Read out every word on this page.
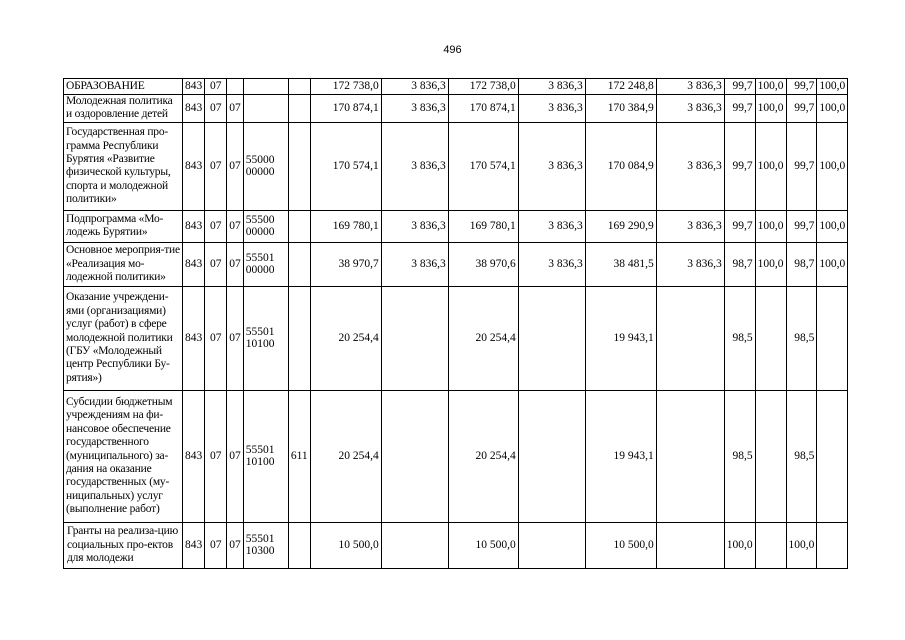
496
ОБРАЗОВАНИЕ	843	07				172 738,0	3 836,3	172 738,0	3 836,3	172 248,8	3 836,3	99,7	100,0	99,7	100,0
Молодежная политика и оздоровление детей	843	07	07			170 874,1	3 836,3	170 874,1	3 836,3	170 384,9	3 836,3	99,7	100,0	99,7	100,0
Государственная про-грамма Республики Бурятия «Развитие физической культуры, спорта и молодежной политики»	843	07	07	55000 00000		170 574,1	3 836,3	170 574,1	3 836,3	170 084,9	3 836,3	99,7	100,0	99,7	100,0
Подпрограмма «Мо-лодежь Бурятии»	843	07	07	55500 00000		169 780,1	3 836,3	169 780,1	3 836,3	169 290,9	3 836,3	99,7	100,0	99,7	100,0
Основное мероприя-тие «Реализация мо-лодежной политики»	843	07	07	55501 00000		38 970,7	3 836,3	38 970,6	3 836,3	38 481,5	3 836,3	98,7	100,0	98,7	100,0
Оказание учреждени-ями (организациями) услуг (работ) в сфере молодежной политики (ГБУ «Молодежный центр Республики Бу-рятия»)	843	07	07	55501 10100		20 254,4		20 254,4		19 943,1		98,5		98,5	
Субсидии бюджетным учреждениям на фи-нансовое обеспечение государственного (муниципального) за-дания на оказание государственных (му-ниципальных) услуг (выполнение работ)	843	07	07	55501 10100	611	20 254,4		20 254,4		19 943,1		98,5		98,5	
Гранты на реализа-цию социальных про-ектов для молодежи	843	07	07	55501 10300		10 500,0		10 500,0		10 500,0		100,0		100,0	
